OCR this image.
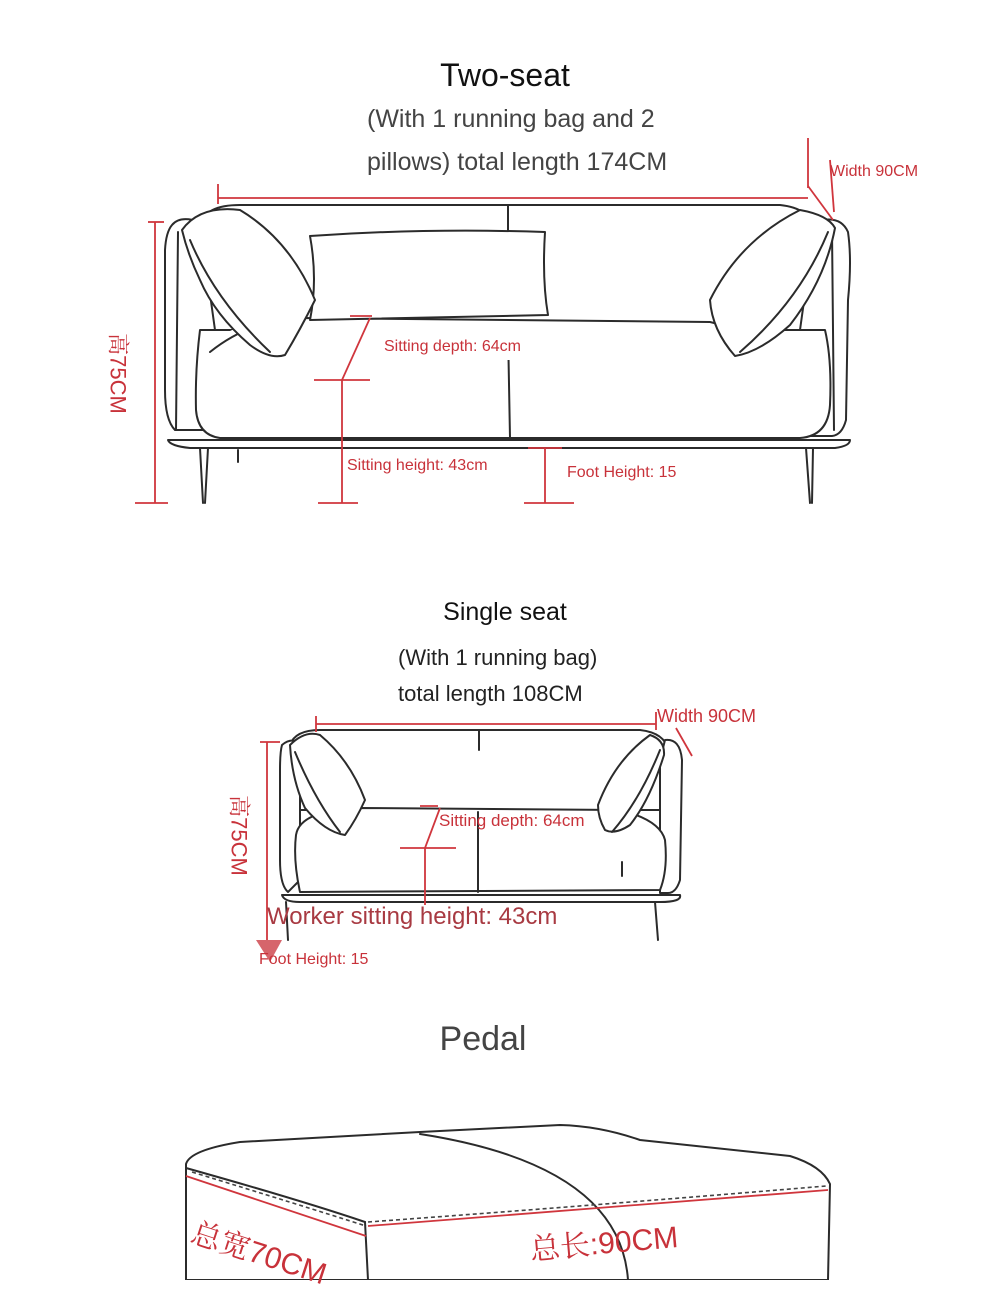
Two-seat
(With 1 running bag and 2
pillows) total length 174CM	Width 90CM
高75CM	Sitting depth: 64cm
Sitting height: 43cm	Foot Height: 15
Single seat
(With 1 running bag)
total length 108CM
Width 90CM
高75CM	Sitting depth: 64cm
Worker sitting height: 43cm
Foot Height: 15
Pedal
总宽70CM	总长:90CM
